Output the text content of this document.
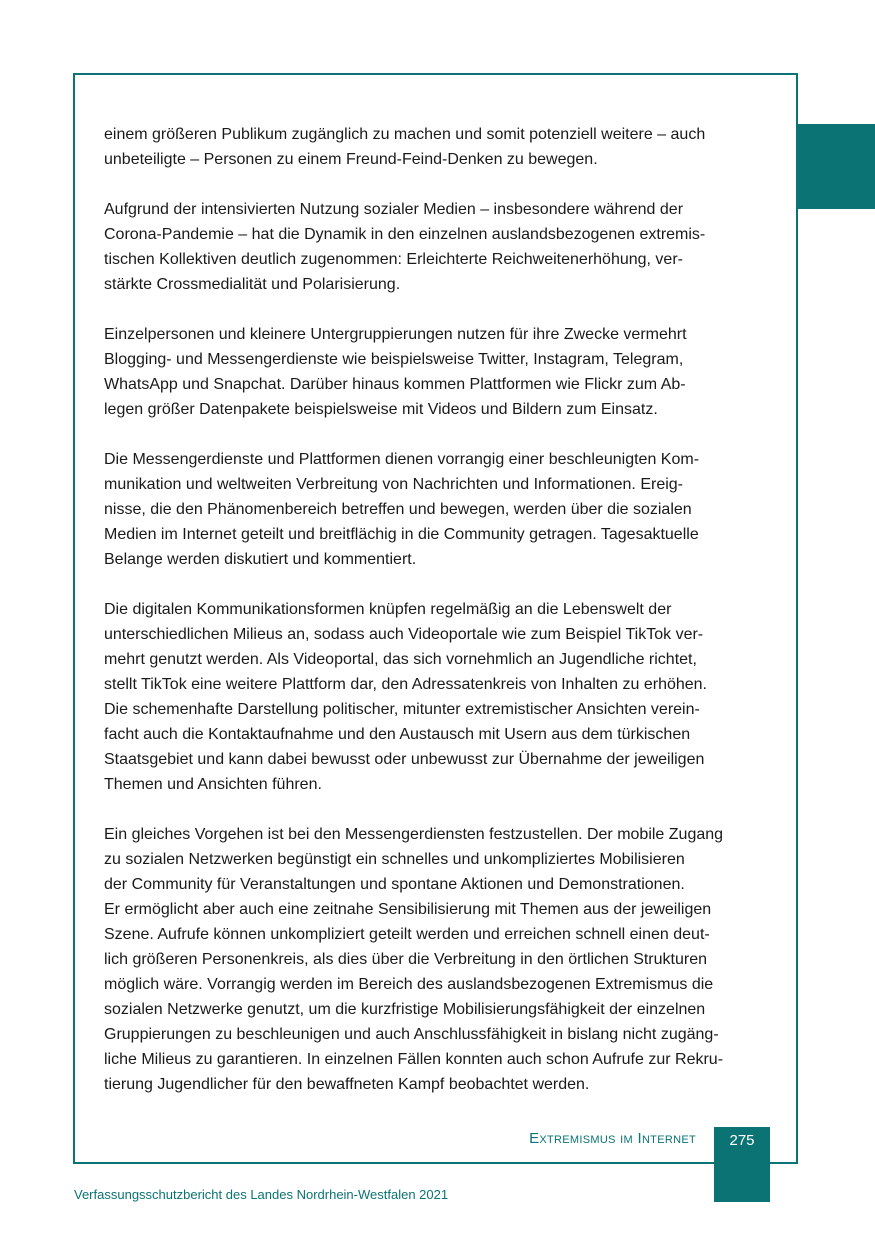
einem größeren Publikum zugänglich zu machen und somit potenziell weitere – auch
unbeteiligte – Personen zu einem Freund-Feind-Denken zu bewegen.

Aufgrund der intensivierten Nutzung sozialer Medien – insbesondere während der
Corona-Pandemie – hat die Dynamik in den einzelnen auslandsbezogenen extremis-
tischen Kollektiven deutlich zugenommen: Erleichterte Reichweitenerhöhung, ver-
stärkte Crossmedialität und Polarisierung.

Einzelpersonen und kleinere Untergruppierungen nutzen für ihre Zwecke vermehrt
Blogging- und Messengerdienste wie beispielsweise Twitter, Instagram, Telegram,
WhatsApp und Snapchat. Darüber hinaus kommen Plattformen wie Flickr zum Ab-
legen größer Datenpakete beispielsweise mit Videos und Bildern zum Einsatz.

Die Messengerdienste und Plattformen dienen vorrangig einer beschleunigten Kom-
munikation und weltweiten Verbreitung von Nachrichten und Informationen. Ereig-
nisse, die den Phänomenbereich betreffen und bewegen, werden über die sozialen
Medien im Internet geteilt und breitflächig in die Community getragen. Tagesaktuelle
Belange werden diskutiert und kommentiert.

Die digitalen Kommunikationsformen knüpfen regelmäßig an die Lebenswelt der
unterschiedlichen Milieus an, sodass auch Videoportale wie zum Beispiel TikTok ver-
mehrt genutzt werden. Als Videoportal, das sich vornehmlich an Jugendliche richtet,
stellt TikTok eine weitere Plattform dar, den Adressatenkreis von Inhalten zu erhöhen.
Die schemenhafte Darstellung politischer, mitunter extremistischer Ansichten verein-
facht auch die Kontaktaufnahme und den Austausch mit Usern aus dem türkischen
Staatsgebiet und kann dabei bewusst oder unbewusst zur Übernahme der jeweiligen
Themen und Ansichten führen.

Ein gleiches Vorgehen ist bei den Messengerdiensten festzustellen. Der mobile Zugang
zu sozialen Netzwerken begünstigt ein schnelles und unkompliziertes Mobilisieren
der Community für Veranstaltungen und spontane Aktionen und Demonstrationen.
Er ermöglicht aber auch eine zeitnahe Sensibilisierung mit Themen aus der jeweiligen
Szene. Aufrufe können unkompliziert geteilt werden und erreichen schnell einen deut-
lich größeren Personenkreis, als dies über die Verbreitung in den örtlichen Strukturen
möglich wäre. Vorrangig werden im Bereich des auslandsbezogenen Extremismus die
sozialen Netzwerke genutzt, um die kurzfristige Mobilisierungsfähigkeit der einzelnen
Gruppierungen zu beschleunigen und auch Anschlussfähigkeit in bislang nicht zugäng-
liche Milieus zu garantieren. In einzelnen Fällen konnten auch schon Aufrufe zur Rekru-
tierung Jugendlicher für den bewaffneten Kampf beobachtet werden.

Extremismus im Internet	275
Verfassungsschutzbericht des Landes Nordrhein-Westfalen 2021
